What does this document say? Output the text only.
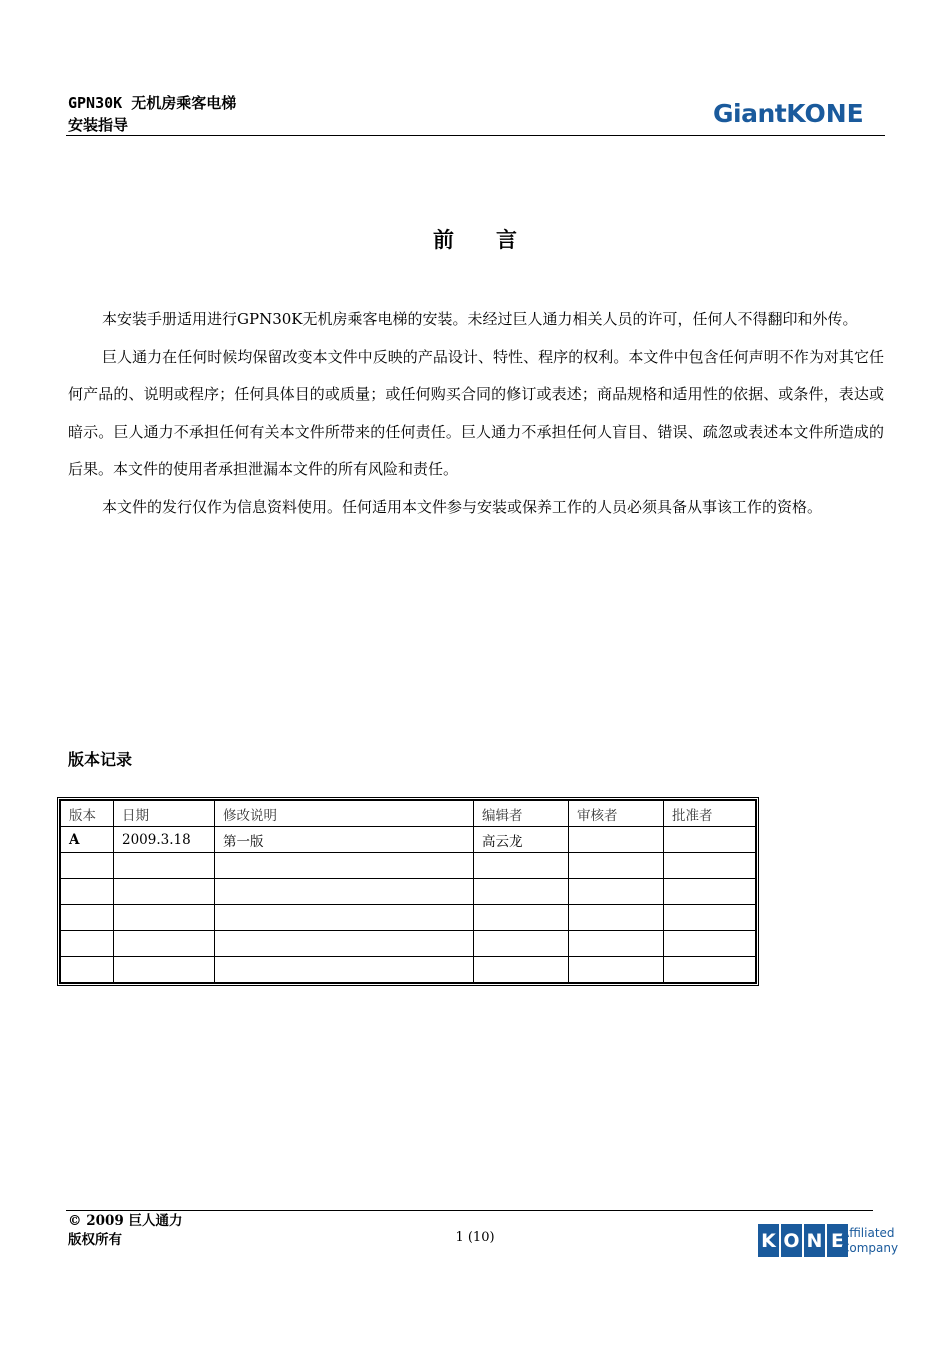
GPN30K 无机房乘客电梯
安装指导	GiantKONE
前言

本安装手册适用进行GPN30K无机房乘客电梯的安装。未经过巨人通力相关人员的许可，任何人不得翻印和外传。

巨人通力在任何时候均保留改变本文件中反映的产品设计、特性、程序的权利。本文件中包含任何声明不作为对其它任何产品的、说明或程序；任何具体目的或质量；或任何购买合同的修订或表述；商品规格和适用性的依据、或条件，表达或暗示。巨人通力不承担任何有关本文件所带来的任何责任。巨人通力不承担任何人盲目、错误、疏忽或表述本文件所造成的后果。本文件的使用者承担泄漏本文件的所有风险和责任。

本文件的发行仅作为信息资料使用。任何适用本文件参与安装或保养工作的人员必须具备从事该工作的资格。

版本记录
版本	日期	修改说明	编辑者	审核者	批准者
A	2009.3.18	第一版	高云龙		

© 2009 巨人通力
版权所有	1 (10)	K O N E
Affiliated
Company
